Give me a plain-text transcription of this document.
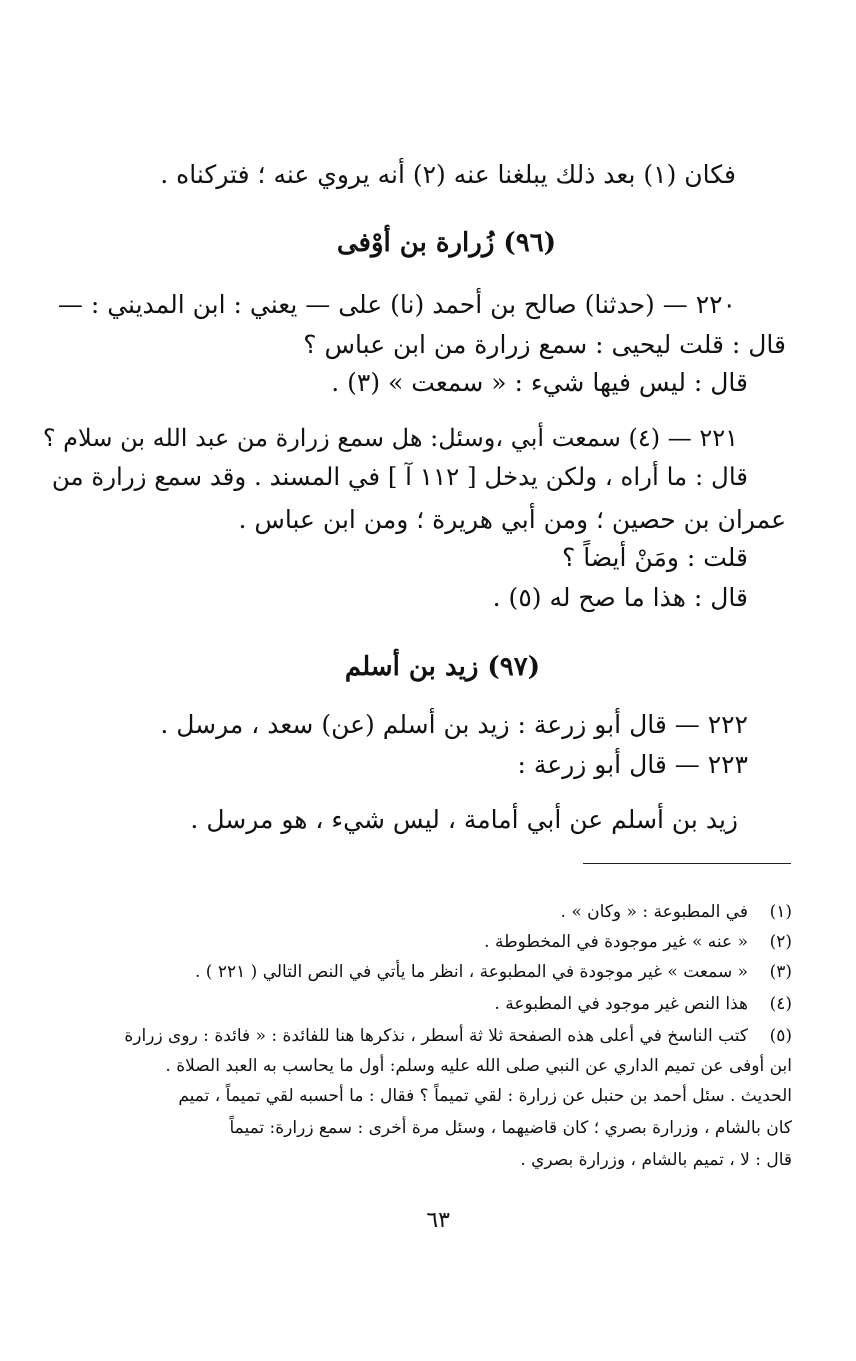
فكان (١) بعد ذلك يبلغنا عنه (٢) أنه يروي عنه ؛ فتركناه .

(٩٦) زُرارة بن أوْفى

٢٢٠ — (حدثنا) صالح بن أحمد (نا) على — يعني : ابن المديني : —

قال : قلت ليحيى : سمع زرارة من ابن عباس ؟

قال : ليس فيها شيء : « سمعت » (٣) .

٢٢١ — (٤) سمعت أبي ،وسئل: هل سمع زرارة من عبد الله بن سلام ؟

قال : ما أراه ، ولكن يدخل [ ١١٢ آ ] في المسند . وقد سمع زرارة من

عمران بن حصين ؛ ومن أبي هريرة ؛ ومن ابن عباس .

قلت : ومَنْ أيضاً ؟

قال : هذا ما صح له (٥) .

(٩٧) زيد بن أسلم

٢٢٢ — قال أبو زرعة : زيد بن أسلم (عن) سعد ، مرسل .

٢٢٣ — قال أبو زرعة :

زيد بن أسلم عن أبي أمامة ، ليس شيء ، هو مرسل .

(١)

في المطبوعة : « وكان » .

(٢)

« عنه » غير موجودة في المخطوطة .

(٣)

« سمعت » غير موجودة في المطبوعة ، انظر ما يأتي في النص التالي ( ٢٢١ ) .

(٤)

هذا النص غير موجود في المطبوعة .

(٥)

كتب الناسخ في أعلى هذه الصفحة ثلا ثة أسطر ، نذكرها هنا للفائدة : « فائدة : روى زرارة

ابن أوفى عن تميم الداري عن النبي صلى الله عليه وسلم: أول ما يحاسب به العبد الصلاة .

الحديث . سئل أحمد بن حنبل عن زرارة : لقي تميماً ؟ فقال : ما أحسبه لقي تميماً ، تميم

كان بالشام ، وزرارة بصري ؛ كان قاضيهما ، وسئل مرة أخرى : سمع زرارة: تميماً

قال : لا ، تميم بالشام ، وزرارة بصري .

٦٣
